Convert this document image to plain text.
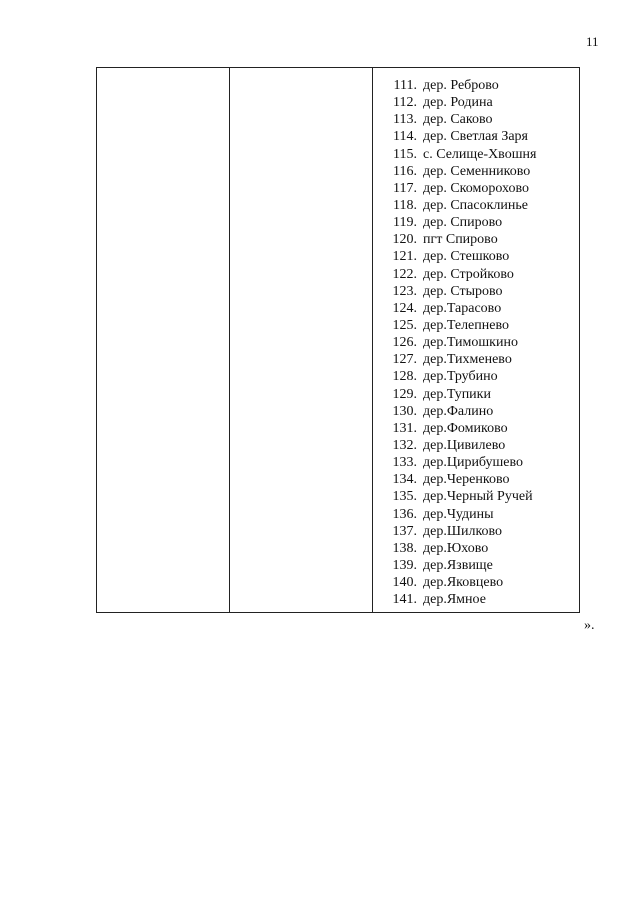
11
111. дер. Реброво
112. дер. Родина
113. дер. Саково
114. дер. Светлая Заря
115. с. Селище-Хвошня
116. дер. Семенниково
117. дер. Скоморохово
118. дер. Спасоклинье
119. дер. Спирово
120. пгт Спирово
121. дер. Стешково
122. дер. Стройково
123. дер. Стырово
124. дер.Тарасово
125. дер.Телепнево
126. дер.Тимошкино
127. дер.Тихменево
128. дер.Трубино
129. дер.Тупики
130. дер.Фалино
131. дер.Фомиково
132. дер.Цивилево
133. дер.Цирибушево
134. дер.Черенково
135. дер.Черный Ручей
136. дер.Чудины
137. дер.Шилково
138. дер.Юхово
139. дер.Язвище
140. дер.Яковцево
141. дер.Ямное
».
